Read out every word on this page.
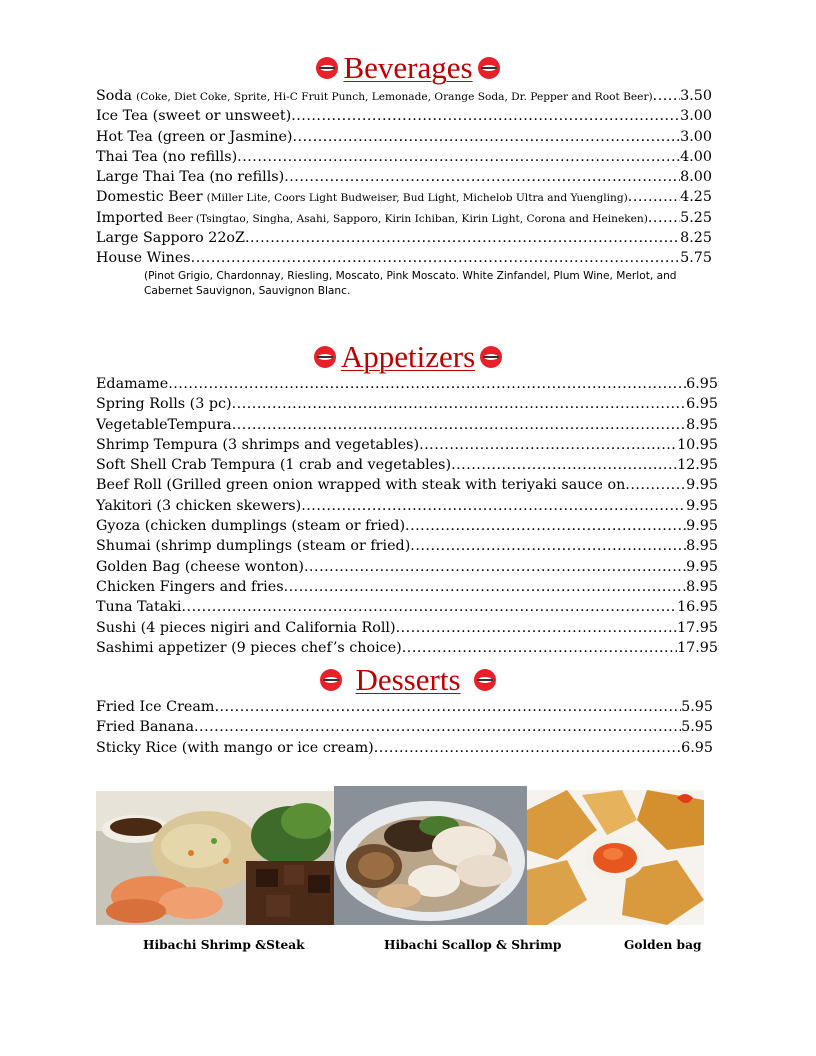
Beverages
Soda (Coke, Diet Coke, Sprite, Hi-C Fruit Punch, Lemonade, Orange Soda, Dr. Pepper and Root Beer) ..... 3.50
Ice Tea (sweet or unsweet) .....	3.00
Hot Tea (green or Jasmine) .....	3.00
Thai Tea (no refills) .....	4.00
Large Thai Tea (no refills) .....	8.00
Domestic Beer (Miller Lite, Coors Light Budweiser, Bud Light, Michelob Ultra and Yuengling) .....	4.25
Imported Beer (Tsingtao, Singha, Asahi, Sapporo, Kirin Ichiban, Kirin Light, Corona and Heineken) ..... 5.25
Large Sapporo 22oZ .....	8.25
House Wines .....	5.75
(Pinot Grigio, Chardonnay, Riesling, Moscato, Pink Moscato. White Zinfandel, Plum Wine, Merlot, and Cabernet Sauvignon, Sauvignon Blanc.
Appetizers
Edamame .....	6.95
Spring Rolls (3 pc) .....	6.95
VegetableTempura .....	8.95
Shrimp Tempura (3 shrimps and vegetables) .....	10.95
Soft Shell Crab Tempura (1 crab and vegetables) .....	12.95
Beef Roll (Grilled green onion wrapped with steak with teriyaki sauce on .....	9.95
Yakitori (3 chicken skewers) .....	9.95
Gyoza (chicken dumplings (steam or fried) .....	9.95
Shumai (shrimp dumplings (steam or fried) .....	8.95
Golden Bag (cheese wonton) .....	9.95
Chicken Fingers and fries .....	8.95
Tuna Tataki .....	16.95
Sushi (4 pieces nigiri and California Roll) .....	17.95
Sashimi appetizer (9 pieces chef’s choice) .....	17.95
Desserts
Fried Ice Cream .....	5.95
Fried Banana .....	5.95
Sticky Rice (with mango or ice cream) .....	6.95
Hibachi Shrimp &Steak	Hibachi Scallop & Shrimp	Golden bag
